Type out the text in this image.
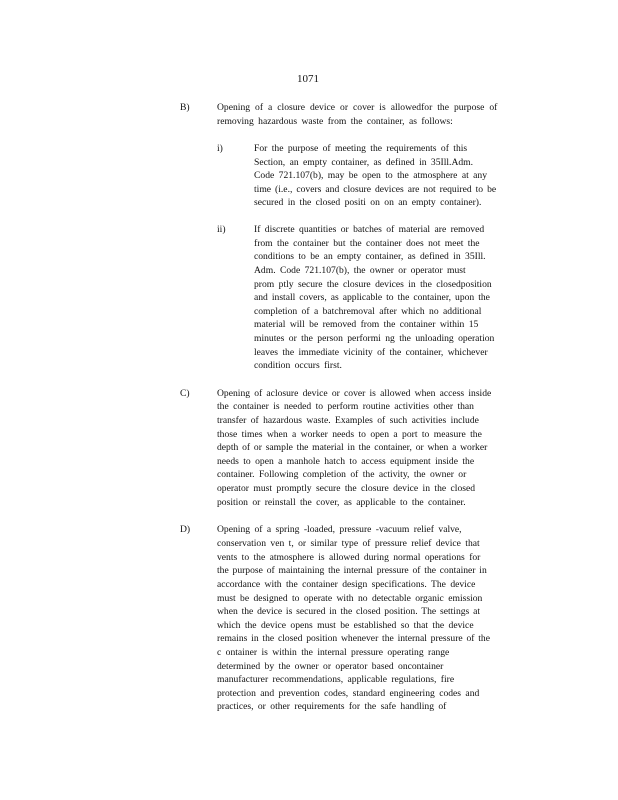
1071
B)	Opening of a closure device or cover is allowedfor the purpose of
removing hazardous waste from the container, as follows:
i)	For the purpose of meeting the requirements of this
Section, an empty container, as defined in 35Ill.Adm.
Code 721.107(b), may be open to the atmosphere at any
time (i.e., covers and closure devices are not required to be
secured in the closed positi on on an empty container).
ii)	If discrete quantities or batches of material are removed
from the container but the container does not meet the
conditions to be an empty container, as defined in 35Ill.
Adm. Code 721.107(b), the owner or operator must
prom ptly secure the closure devices in the closedposition
and install covers, as applicable to the container, upon the
completion of a batchremoval after which no additional
material will be removed from the container within 15
minutes or the person performi ng the unloading operation
leaves the immediate vicinity of the container, whichever
condition occurs first.
C)	Opening of aclosure device or cover is allowed when access inside
the container is needed to perform routine activities other than
transfer of hazardous waste. Examples of such activities include
those times when a worker needs to open a port to measure the
depth of or sample the material in the container, or when a worker
needs to open a manhole hatch to access equipment inside the
container. Following completion of the activity, the owner or
operator must promptly secure the closure device in the closed
position or reinstall the cover, as applicable to the container.
D)	Opening of a spring -loaded, pressure -vacuum relief valve,
conservation ven t, or similar type of pressure relief device that
vents to the atmosphere is allowed during normal operations for
the purpose of maintaining the internal pressure of the container in
accordance with the container design specifications. The device
must be designed to operate with no detectable organic emission
when the device is secured in the closed position. The settings at
which the device opens must be established so that the device
remains in the closed position whenever the internal pressure of the
c ontainer is within the internal pressure operating range
determined by the owner or operator based oncontainer
manufacturer recommendations, applicable regulations, fire
protection and prevention codes, standard engineering codes and
practices, or other requirements for the safe handling of
